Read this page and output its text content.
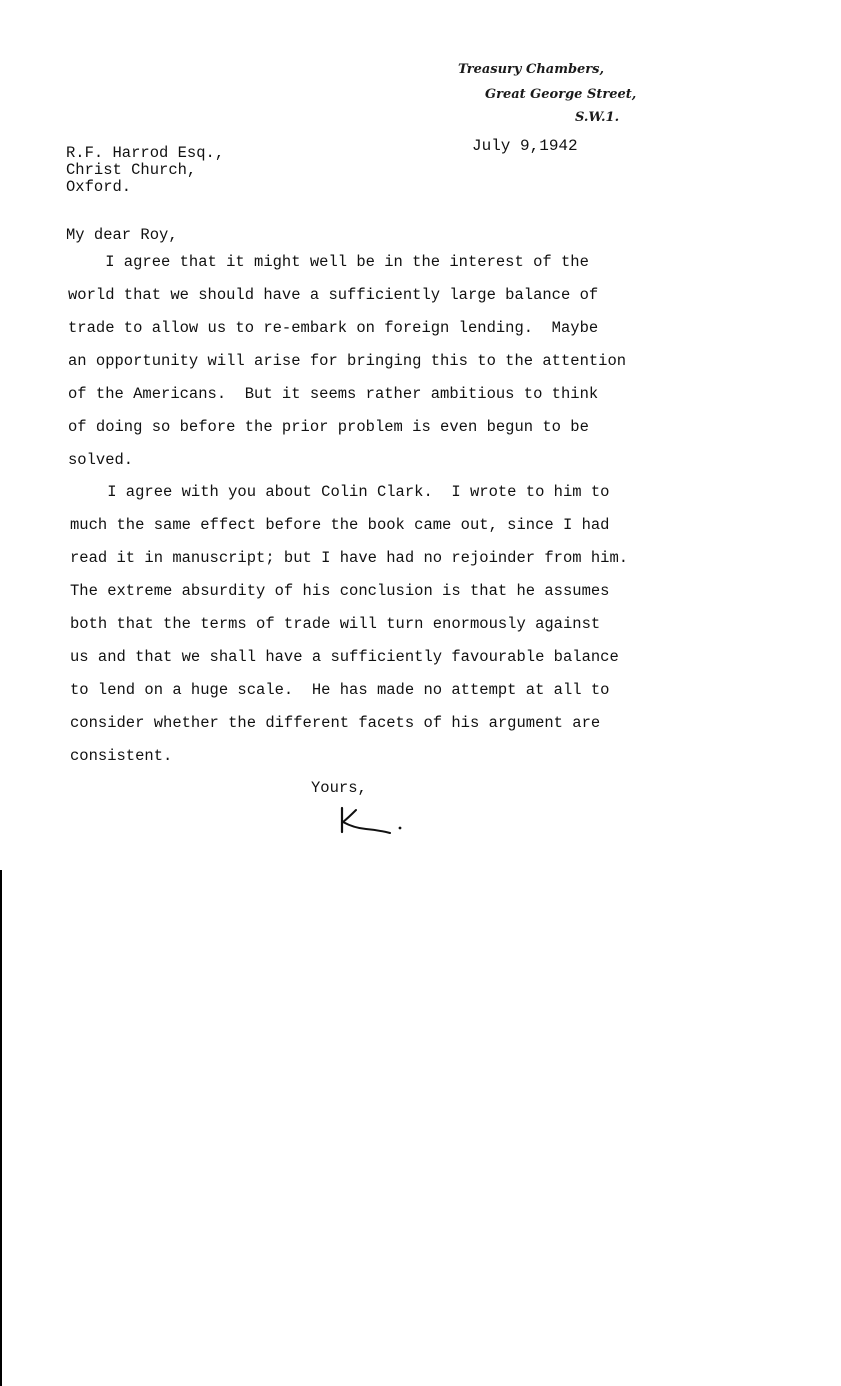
Treasury Chambers,
Great George Street,
S.W.1.
July 9,1942
R.F. Harrod Esq.,
Christ Church,
Oxford.
My dear Roy,
I agree that it might well be in the interest of the
world that we should have a sufficiently large balance of
trade to allow us to re-embark on foreign lending.  Maybe
an opportunity will arise for bringing this to the attention
of the Americans.  But it seems rather ambitious to think
of doing so before the prior problem is even begun to be
solved.
I agree with you about Colin Clark.  I wrote to him to
much the same effect before the book came out, since I had
read it in manuscript; but I have had no rejoinder from him.
The extreme absurdity of his conclusion is that he assumes
both that the terms of trade will turn enormously against
us and that we shall have a sufficiently favourable balance
to lend on a huge scale.  He has made no attempt at all to
consider whether the different facets of his argument are
consistent.
Yours,
